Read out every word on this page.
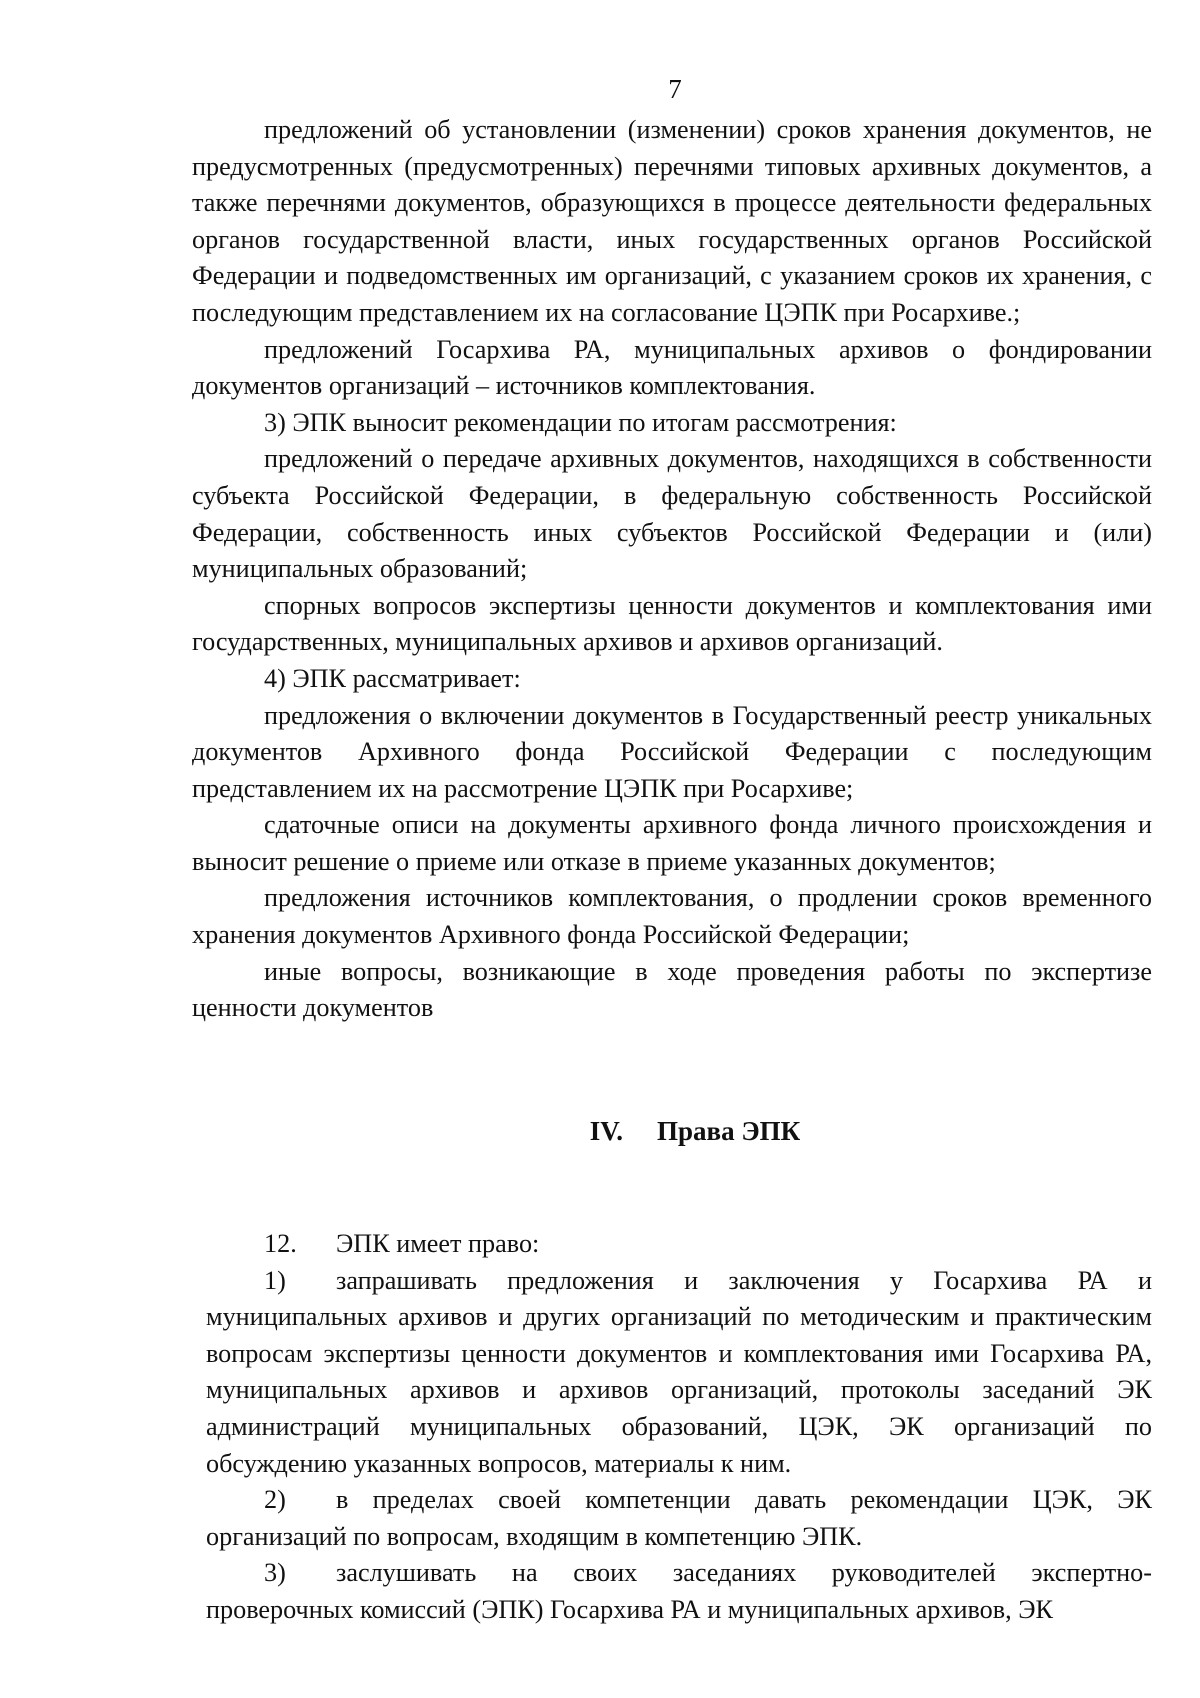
7

предложений об установлении (изменении) сроков хранения документов, не предусмотренных (предусмотренных) перечнями типовых архивных документов, а также перечнями документов, образующихся в процессе деятельности федеральных органов государственной власти, иных государственных органов Российской Федерации и подведомственных им организаций, с указанием сроков их хранения, с последующим представлением их на согласование ЦЭПК при Росархиве.;

предложений Госархива РА, муниципальных архивов о фондировании документов организаций – источников комплектования.

3) ЭПК выносит рекомендации по итогам рассмотрения:

предложений о передаче архивных документов, находящихся в собственности субъекта Российской Федерации, в федеральную собственность Российской Федерации, собственность иных субъектов Российской Федерации и (или) муниципальных образований;

спорных вопросов экспертизы ценности документов и комплектования ими государственных, муниципальных архивов и архивов организаций.

4) ЭПК рассматривает:

предложения о включении документов в Государственный реестр уникальных документов Архивного фонда Российской Федерации с последующим представлением их на рассмотрение ЦЭПК при Росархиве;

сдаточные описи на документы архивного фонда личного происхождения и выносит решение о приеме или отказе в приеме указанных документов;

предложения источников комплектования, о продлении сроков временного хранения документов Архивного фонда Российской Федерации;

иные вопросы, возникающие в ходе проведения работы по экспертизе ценности документов

IV. Права ЭПК

12. ЭПК имеет право:

1) запрашивать предложения и заключения у Госархива РА и муниципальных архивов и других организаций по методическим и практическим вопросам экспертизы ценности документов и комплектования ими Госархива РА, муниципальных архивов и архивов организаций, протоколы заседаний ЭК администраций муниципальных образований, ЦЭК, ЭК организаций по обсуждению указанных вопросов, материалы к ним.

2) в пределах своей компетенции давать рекомендации ЦЭК, ЭК организаций по вопросам, входящим в компетенцию ЭПК.

3) заслушивать на своих заседаниях руководителей экспертно-проверочных комиссий (ЭПК) Госархива РА и муниципальных архивов, ЭК
